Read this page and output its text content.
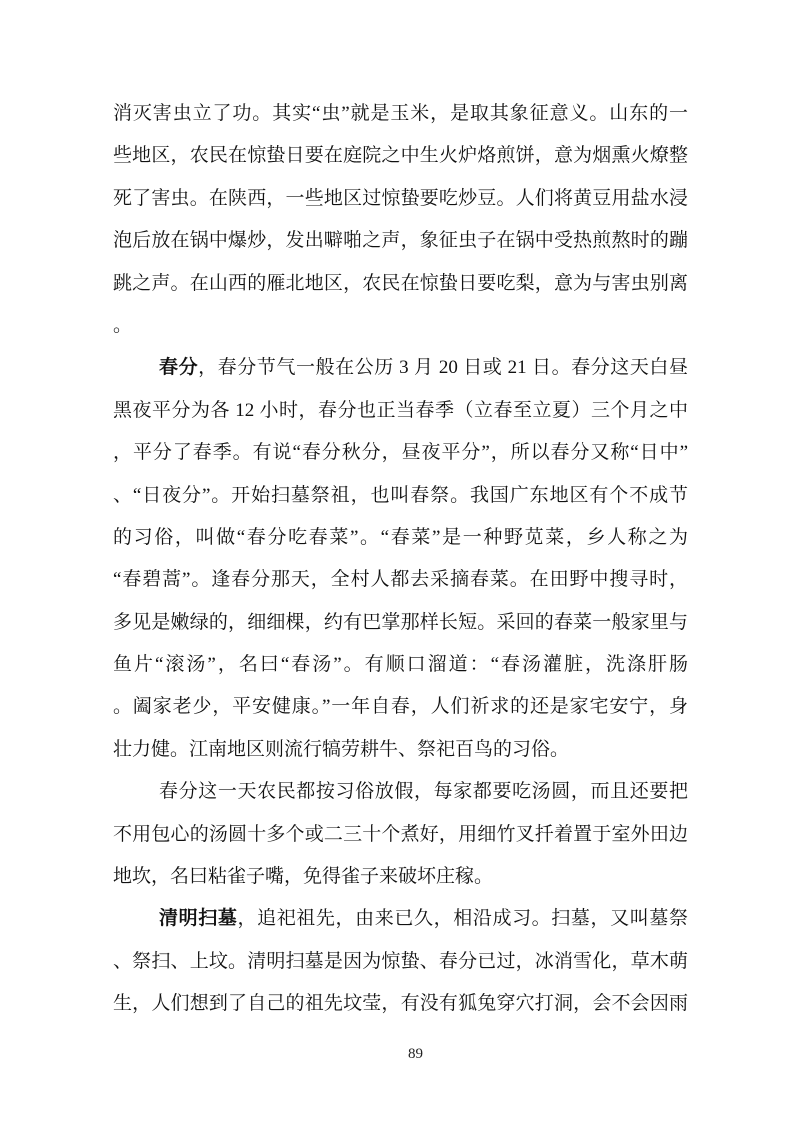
消灭害虫立了功。其实“虫”就是玉米，是取其象征意义。山东的一
些地区，农民在惊蛰日要在庭院之中生火炉烙煎饼，意为烟熏火燎整
死了害虫。在陕西，一些地区过惊蛰要吃炒豆。人们将黄豆用盐水浸
泡后放在锅中爆炒，发出噼啪之声，象征虫子在锅中受热煎熬时的蹦
跳之声。在山西的雁北地区，农民在惊蛰日要吃梨，意为与害虫别离
。
春分，春分节气一般在公历 3 月 20 日或 21 日。春分这天白昼
黑夜平分为各 12 小时，春分也正当春季（立春至立夏）三个月之中
，平分了春季。有说“春分秋分，昼夜平分”，所以春分又称“日中”
、“日夜分”。开始扫墓祭祖，也叫春祭。我国广东地区有个不成节
的习俗，叫做“春分吃春菜”。“春菜”是一种野苋菜，乡人称之为
“春碧蒿”。逢春分那天，全村人都去采摘春菜。在田野中搜寻时，
多见是嫩绿的，细细棵，约有巴掌那样长短。采回的春菜一般家里与
鱼片“滚汤”，名曰“春汤”。有顺口溜道：“春汤灌脏，洗涤肝肠
。阖家老少，平安健康。”一年自春，人们祈求的还是家宅安宁，身
壮力健。江南地区则流行犒劳耕牛、祭祀百鸟的习俗。
春分这一天农民都按习俗放假，每家都要吃汤圆，而且还要把
不用包心的汤圆十多个或二三十个煮好，用细竹叉扦着置于室外田边
地坎，名曰粘雀子嘴，免得雀子来破坏庄稼。
清明扫墓，追祀祖先，由来已久，相沿成习。扫墓，又叫墓祭
、祭扫、上坟。清明扫墓是因为惊蛰、春分已过，冰消雪化，草木萌
生，人们想到了自己的祖先坟莹，有没有狐兔穿穴打洞，会不会因雨
89
